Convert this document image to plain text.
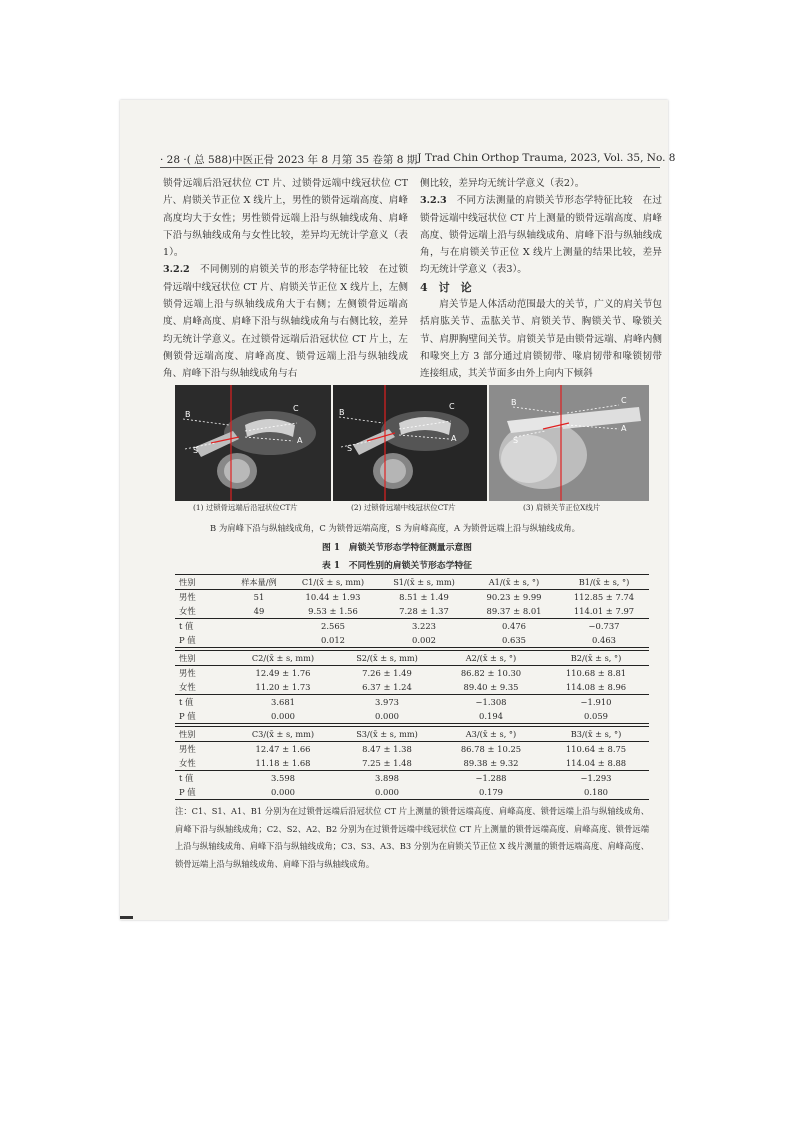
· 28 ·( 总 588) 中医正骨 2023 年 8 月第 35 卷第 8 期 J Trad Chin Orthop Trauma, 2023, Vol. 35, No. 8

锁骨远端后沿冠状位 CT 片、过锁骨远端中线冠状位 CT 片、肩锁关节正位 X 线片上，男性的锁骨远端高度、肩峰高度均大于女性；男性锁骨远端上沿与纵轴线成角、肩峰下沿与纵轴线成角与女性比较，差异均无统计学意义（表1）。

3.2.2　 不同侧别的肩锁关节的形态学特征比较　 在过锁骨远端中线冠状位 CT 片、肩锁关节正位 X 线片上，左侧锁骨远端上沿与纵轴线成角大于右侧；左侧锁骨远端高度、肩峰高度、肩峰下沿与纵轴线成角与右侧比较，差异均无统计学意义。在过锁骨远端后沿冠状位 CT 片上，左侧锁骨远端高度、肩峰高度、锁骨远端上沿与纵轴线成角、肩峰下沿与纵轴线成角与右

侧比较，差异均无统计学意义（表2）。

3.2.3　 不同方法测量的肩锁关节形态学特征比较　 在过锁骨远端中线冠状位 CT 片上测量的锁骨远端高度、肩峰高度、锁骨远端上沿与纵轴线成角、肩峰下沿与纵轴线成角，与在肩锁关节正位 X 线片上测量的结果比较，差异均无统计学意义（表3）。

4　 讨　论

肩关节是人体活动范围最大的关节，广义的肩关节包括肩肱关节、盂肱关节、肩锁关节、胸锁关节、喙锁关节、肩胛胸壁间关节。肩锁关节是由锁骨远端、肩峰内侧和喙突上方 3 部分通过肩锁韧带、喙肩韧带和喙锁韧带连接组成，其关节面多由外上向内下倾斜

B
C
S
A
B
C
S
A
B	C
S
A
(1) 过锁骨远端后沿冠状位CT片	(2) 过锁骨远端中线冠状位CT片	(3) 肩锁关节正位X线片
B 为肩峰下沿与纵轴线成角，C 为锁骨远端高度，S 为肩峰高度，A 为锁骨远端上沿与纵轴线成角。
图 1　肩锁关节形态学特征测量示意图
表 1　不同性别的肩锁关节形态学特征
性别	样本量/例	C1/(x̄ ± s, mm)	S1/(x̄ ± s, mm)	A1/(x̄ ± s, °)	B1/(x̄ ± s, °)
男性	51	10.44 ± 1.93	8.51 ± 1.49	90.23 ± 9.99	112.85 ± 7.74
女性	49	9.53 ± 1.56	7.28 ± 1.37	89.37 ± 8.01	114.01 ± 7.97
t 值		2.565	3.223	0.476	−0.737
P 值		0.012	0.002	0.635	0.463
性别	C2/(x̄ ± s, mm)	S2/(x̄ ± s, mm)	A2/(x̄ ± s, °)	B2/(x̄ ± s, °)
男性	12.49 ± 1.76	7.26 ± 1.49	86.82 ± 10.30	110.68 ± 8.81
女性	11.20 ± 1.73	6.37 ± 1.24	89.40 ± 9.35	114.08 ± 8.96
t 值	3.681	3.973	−1.308	−1.910
P 值	0.000	0.000	0.194	0.059
性别	C3/(x̄ ± s, mm)	S3/(x̄ ± s, mm)	A3/(x̄ ± s, °)	B3/(x̄ ± s, °)
男性	12.47 ± 1.66	8.47 ± 1.38	86.78 ± 10.25	110.64 ± 8.75
女性	11.18 ± 1.68	7.25 ± 1.48	89.38 ± 9.32	114.04 ± 8.88
t 值	3.598	3.898	−1.288	−1.293
P 值	0.000	0.000	0.179	0.180
注：C1、S1、A1、B1 分别为在过锁骨远端后沿冠状位 CT 片上测量的锁骨远端高度、肩峰高度、锁骨远端上沿与纵轴线成角、肩峰下沿与纵轴线成角；C2、S2、A2、B2 分别为在过锁骨远端中线冠状位 CT 片上测量的锁骨远端高度、肩峰高度、锁骨远端上沿与纵轴线成角、肩峰下沿与纵轴线成角；C3、S3、A3、B3 分别为在肩锁关节正位 X 线片测量的锁骨远端高度、肩峰高度、锁骨远端上沿与纵轴线成角、肩峰下沿与纵轴线成角。
